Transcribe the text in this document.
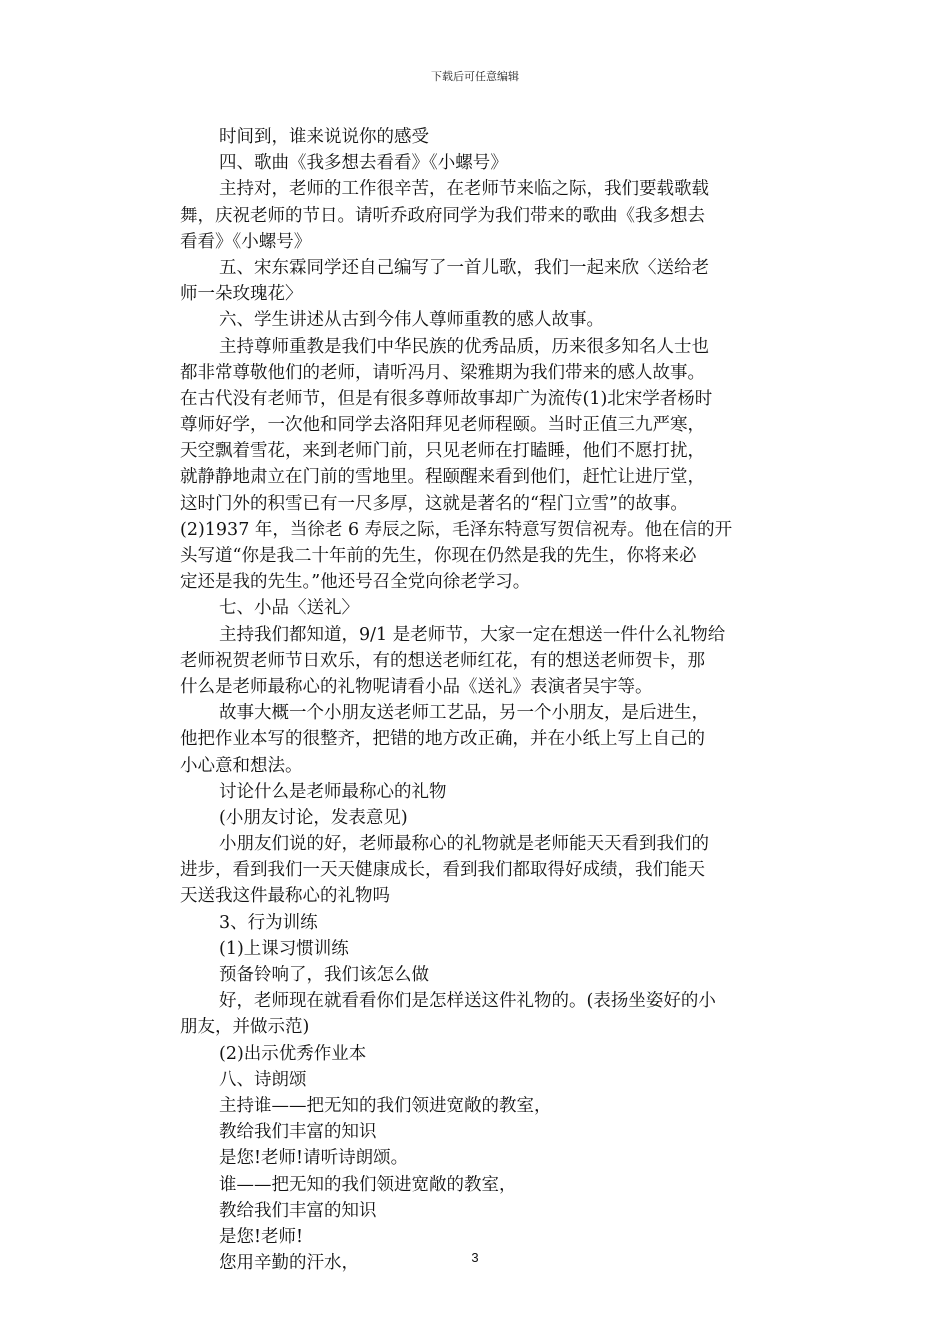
下载后可任意编辑
时间到，谁来说说你的感受
四、歌曲《我多想去看看》《小螺号》
主持对，老师的工作很辛苦，在老师节来临之际，我们要载歌载
舞，庆祝老师的节日。请听乔政府同学为我们带来的歌曲《我多想去
看看》《小螺号》
五、宋东霖同学还自己编写了一首儿歌，我们一起来欣〈送给老
师一朵玫瑰花〉
六、学生讲述从古到今伟人尊师重教的感人故事。
主持尊师重教是我们中华民族的优秀品质，历来很多知名人士也
都非常尊敬他们的老师，请听冯月、梁雅期为我们带来的感人故事。
在古代没有老师节，但是有很多尊师故事却广为流传(1)北宋学者杨时
尊师好学，一次他和同学去洛阳拜见老师程颐。当时正值三九严寒，
天空飘着雪花，来到老师门前，只见老师在打瞌睡，他们不愿打扰，
就静静地肃立在门前的雪地里。程颐醒来看到他们，赶忙让进厅堂，
这时门外的积雪已有一尺多厚，这就是著名的“程门立雪”的故事。
(2)1937 年，当徐老 6 寿辰之际，毛泽东特意写贺信祝寿。他在信的开
头写道“你是我二十年前的先生，你现在仍然是我的先生，你将来必
定还是我的先生。”他还号召全党向徐老学习。
七、小品〈送礼〉
主持我们都知道，9/1 是老师节，大家一定在想送一件什么礼物给
老师祝贺老师节日欢乐，有的想送老师红花，有的想送老师贺卡，那
什么是老师最称心的礼物呢请看小品《送礼》表演者吴宇等。
故事大概一个小朋友送老师工艺品，另一个小朋友，是后进生，
他把作业本写的很整齐，把错的地方改正确，并在小纸上写上自己的
小心意和想法。
讨论什么是老师最称心的礼物
(小朋友讨论，发表意见)
小朋友们说的好，老师最称心的礼物就是老师能天天看到我们的
进步，看到我们一天天健康成长，看到我们都取得好成绩，我们能天
天送我这件最称心的礼物吗
3、行为训练
(1)上课习惯训练
预备铃响了，我们该怎么做
好，老师现在就看看你们是怎样送这件礼物的。(表扬坐姿好的小
朋友，并做示范)
(2)出示优秀作业本
八、诗朗颂
主持谁——把无知的我们领进宽敞的教室，
教给我们丰富的知识
是您!老师!请听诗朗颂。
谁——把无知的我们领进宽敞的教室，
教给我们丰富的知识
是您!老师!
您用辛勤的汗水，	3
